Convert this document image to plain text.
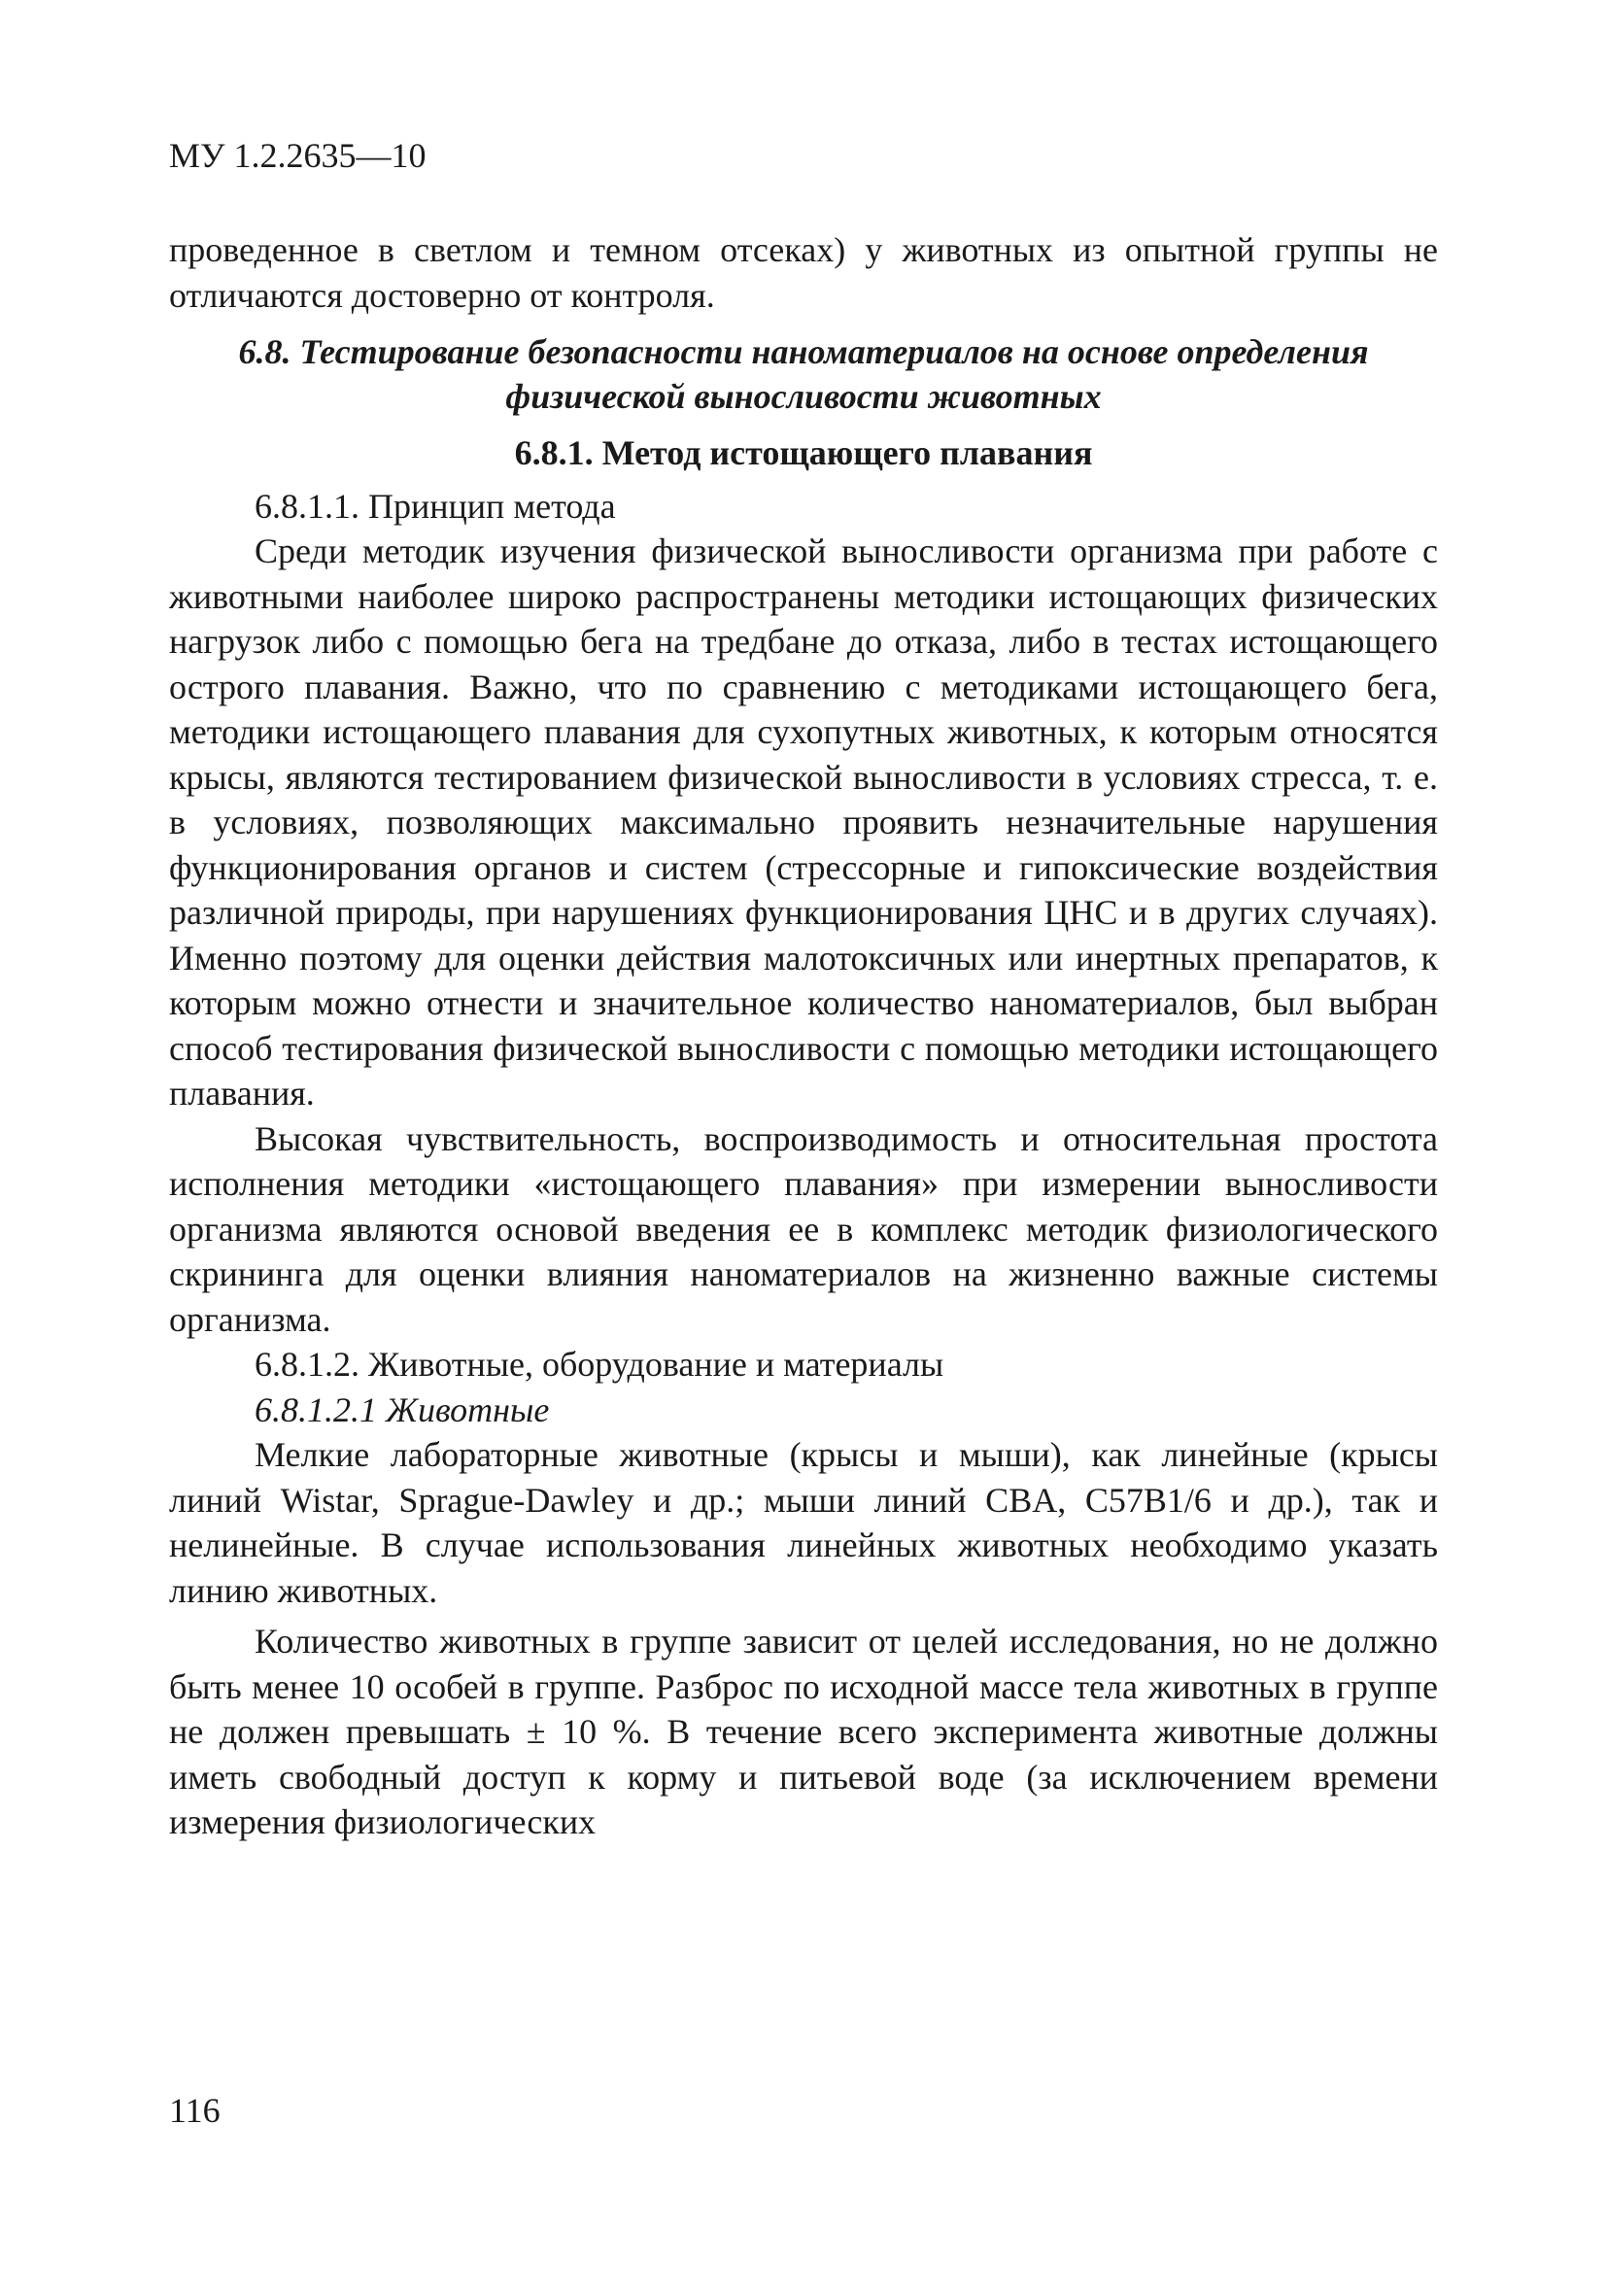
МУ 1.2.2635—10

проведенное в светлом и темном отсеках) у животных из опытной группы не отличаются достоверно от контроля.

6.8. Тестирование безопасности наноматериалов на основе определения физической выносливости животных

6.8.1. Метод истощающего плавания

6.8.1.1. Принцип метода

Среди методик изучения физической выносливости организма при работе с животными наиболее широко распространены методики истощающих физических нагрузок либо с помощью бега на тредбане до отказа, либо в тестах истощающего острого плавания. Важно, что по сравнению с методиками истощающего бега, методики истощающего плавания для сухопутных животных, к которым относятся крысы, являются тестированием физической выносливости в условиях стресса, т. е. в условиях, позволяющих максимально проявить незначительные нарушения функционирования органов и систем (стрессорные и гипоксические воздействия различной природы, при нарушениях функционирования ЦНС и в других случаях). Именно поэтому для оценки действия малотоксичных или инертных препаратов, к которым можно отнести и значительное количество наноматериалов, был выбран способ тестирования физической выносливости с помощью методики истощающего плавания.

Высокая чувствительность, воспроизводимость и относительная простота исполнения методики «истощающего плавания» при измерении выносливости организма являются основой введения ее в комплекс методик физиологического скрининга для оценки влияния наноматериалов на жизненно важные системы организма.

6.8.1.2. Животные, оборудование и материалы

6.8.1.2.1 Животные

Мелкие лабораторные животные (крысы и мыши), как линейные (крысы линий Wistar, Sprague-Dawley и др.; мыши линий CBA, C57B1/6 и др.), так и нелинейные. В случае использования линейных животных необходимо указать линию животных.

Количество животных в группе зависит от целей исследования, но не должно быть менее 10 особей в группе. Разброс по исходной массе тела животных в группе не должен превышать ± 10 %. В течение всего эксперимента животные должны иметь свободный доступ к корму и питьевой воде (за исключением времени измерения физиологических

116
